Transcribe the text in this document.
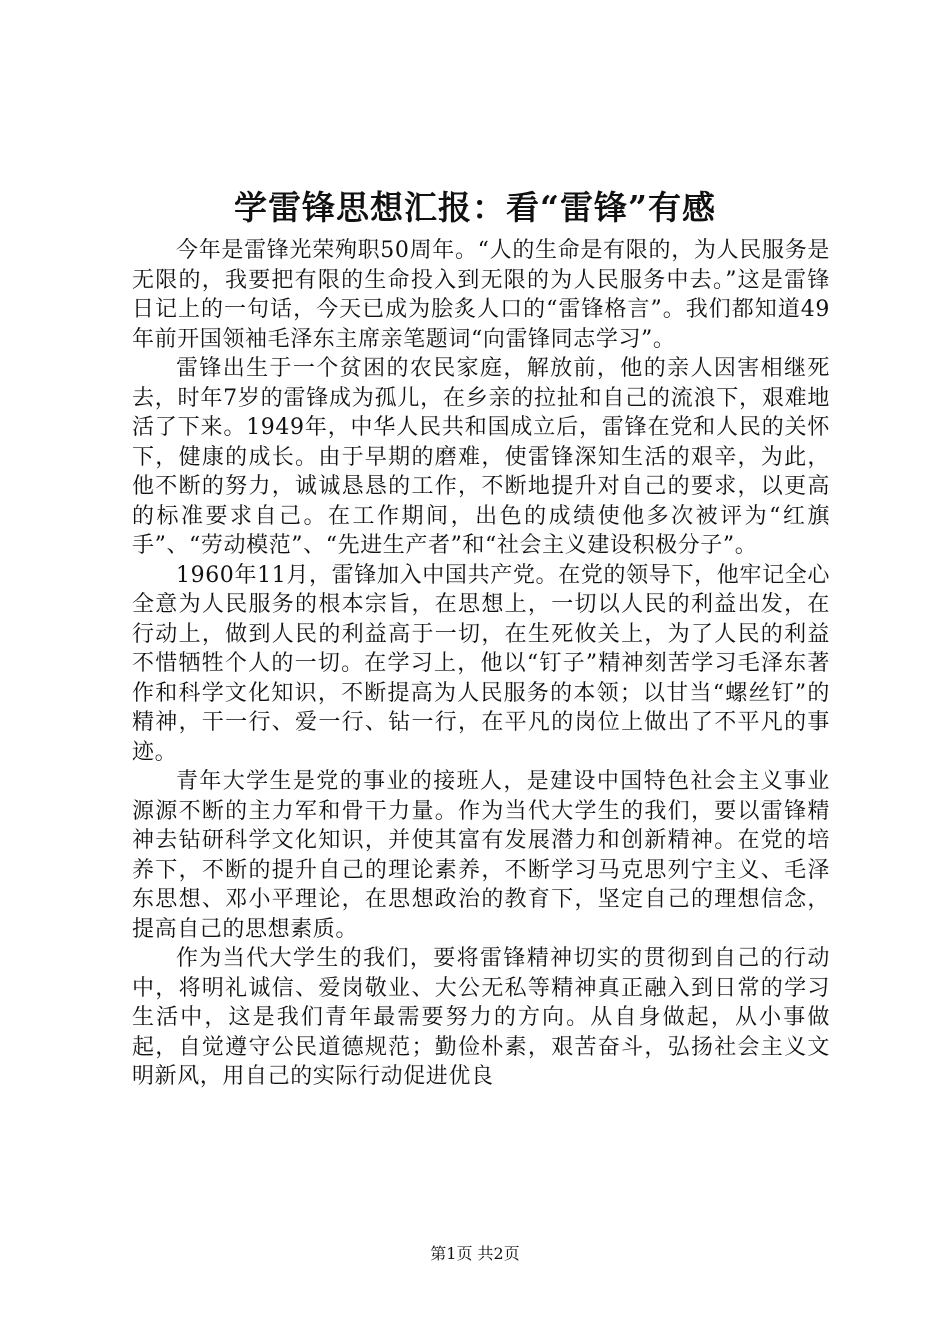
学雷锋思想汇报：看“雷锋”有感

今年是雷锋光荣殉职50周年。“人的生命是有限的，为人民服务是无限的，我要把有限的生命投入到无限的为人民服务中去。”这是雷锋日记上的一句话，今天已成为脍炙人口的“雷锋格言”。我们都知道49年前开国领袖毛泽东主席亲笔题词“向雷锋同志学习”。

雷锋出生于一个贫困的农民家庭，解放前，他的亲人因害相继死去，时年7岁的雷锋成为孤儿，在乡亲的拉扯和自己的流浪下，艰难地活了下来。1949年，中华人民共和国成立后，雷锋在党和人民的关怀下，健康的成长。由于早期的磨难，使雷锋深知生活的艰辛，为此，他不断的努力，诚诚恳恳的工作，不断地提升对自己的要求，以更高的标准要求自己。在工作期间，出色的成绩使他多次被评为“红旗手”、“劳动模范”、“先进生产者”和“社会主义建设积极分子”。

1960年11月，雷锋加入中国共产党。在党的领导下，他牢记全心全意为人民服务的根本宗旨，在思想上，一切以人民的利益出发，在行动上，做到人民的利益高于一切，在生死攸关上，为了人民的利益不惜牺牲个人的一切。在学习上，他以“钉子”精神刻苦学习毛泽东著作和科学文化知识，不断提高为人民服务的本领；以甘当“螺丝钉”的精神，干一行、爱一行、钻一行，在平凡的岗位上做出了不平凡的事迹。

青年大学生是党的事业的接班人，是建设中国特色社会主义事业源源不断的主力军和骨干力量。作为当代大学生的我们，要以雷锋精神去钻研科学文化知识，并使其富有发展潜力和创新精神。在党的培养下，不断的提升自己的理论素养，不断学习马克思列宁主义、毛泽东思想、邓小平理论，在思想政治的教育下，坚定自己的理想信念，提高自己的思想素质。

作为当代大学生的我们，要将雷锋精神切实的贯彻到自己的行动中，将明礼诚信、爱岗敬业、大公无私等精神真正融入到日常的学习生活中，这是我们青年最需要努力的方向。从自身做起，从小事做起，自觉遵守公民道德规范；勤俭朴素，艰苦奋斗，弘扬社会主义文明新风，用自己的实际行动促进优良

第1页 共2页
